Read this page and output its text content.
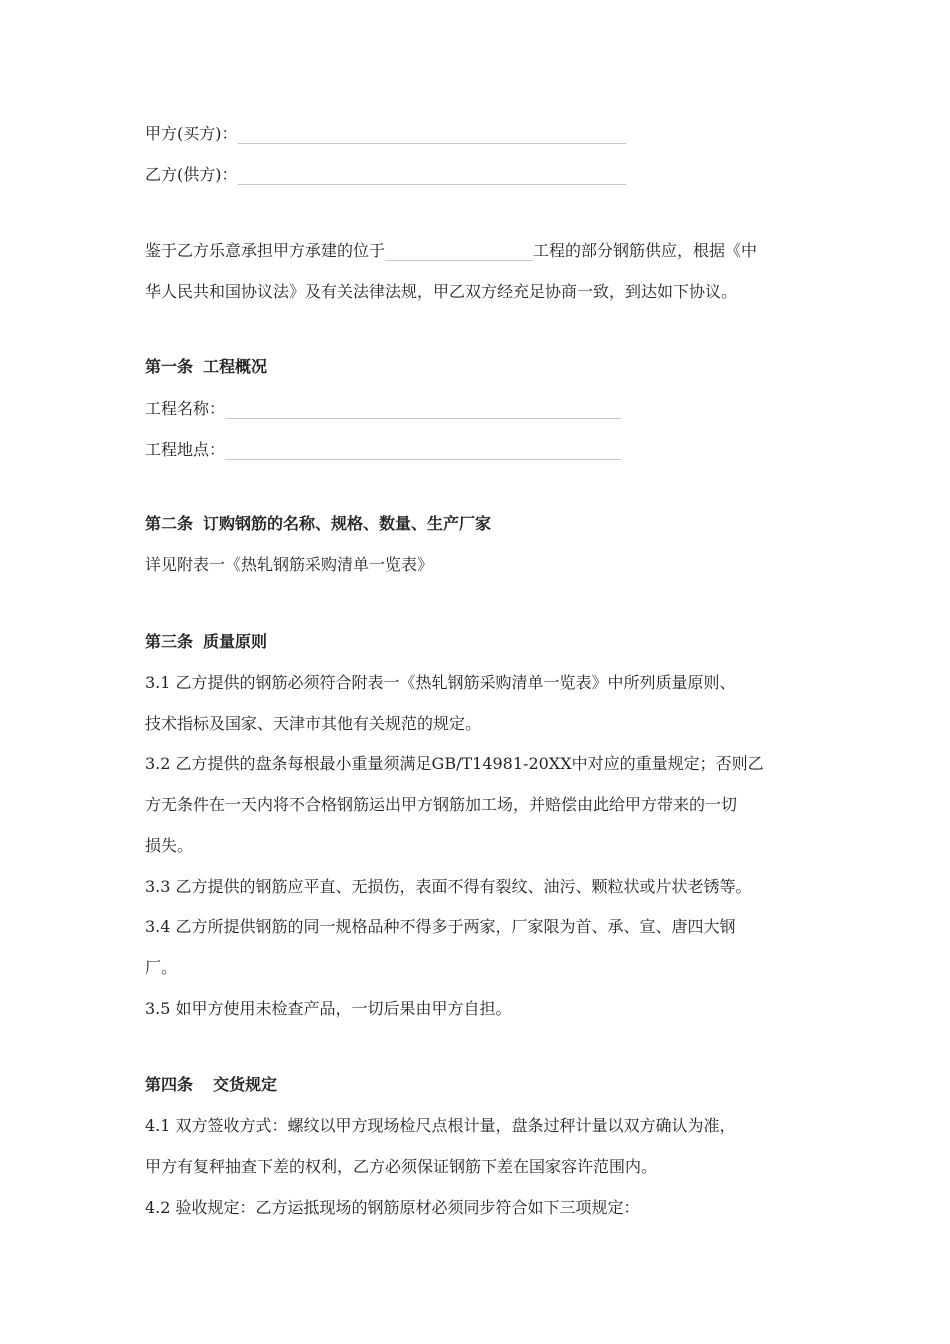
甲方(买方)：
乙方(供方)：
鉴于乙方乐意承担甲方承建的位于	工程的部分钢筋供应，根据《中
华人民共和国协议法》及有关法律法规，甲乙双方经充足协商一致，到达如下协议。
第一条 工程概况
工程名称：
工程地点：
第二条 订购钢筋的名称、规格、数量、生产厂家
详见附表一《热轧钢筋采购清单一览表》
第三条 质量原则
3.1 乙方提供的钢筋必须符合附表一《热轧钢筋采购清单一览表》中所列质量原则、
技术指标及国家、天津市其他有关规范的规定。
3.2 乙方提供的盘条每根最小重量须满足GB/T14981-20XX中对应的重量规定；否则乙
方无条件在一天内将不合格钢筋运出甲方钢筋加工场，并赔偿由此给甲方带来的一切
损失。
3.3 乙方提供的钢筋应平直、无损伤，表面不得有裂纹、油污、颗粒状或片状老锈等。
3.4 乙方所提供钢筋的同一规格品种不得多于两家，厂家限为首、承、宣、唐四大钢
厂。
3.5 如甲方使用未检查产品，一切后果由甲方自担。
第四条 交货规定
4.1 双方签收方式：螺纹以甲方现场检尺点根计量，盘条过秤计量以双方确认为准，
甲方有复秤抽查下差的权利，乙方必须保证钢筋下差在国家容许范围内。
4.2 验收规定：乙方运抵现场的钢筋原材必须同步符合如下三项规定：
